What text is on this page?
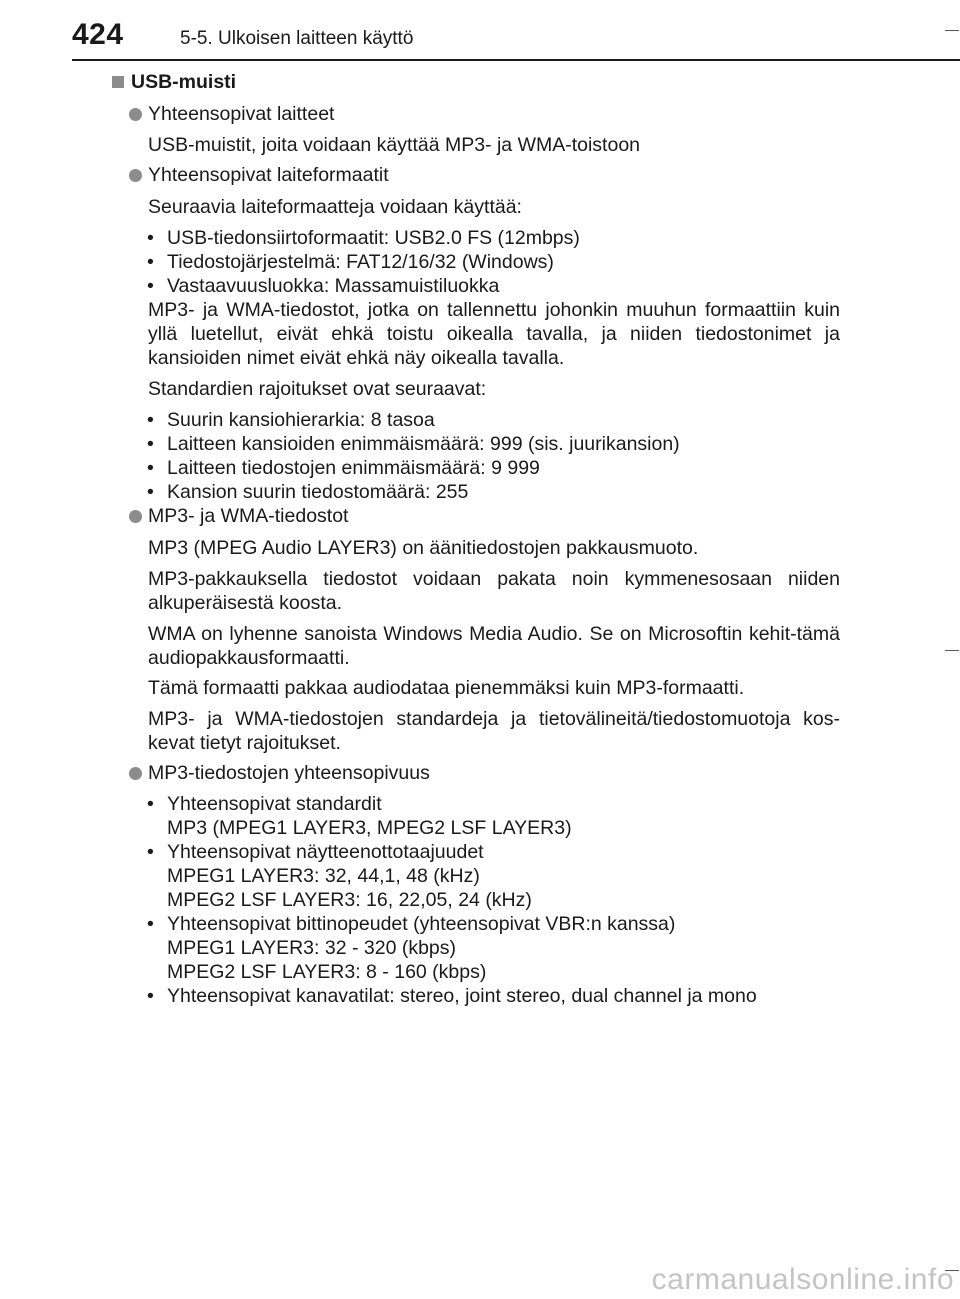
424	5-5. Ulkoisen laitteen käyttö
USB-muisti
Yhteensopivat laitteet
USB-muistit, joita voidaan käyttää MP3- ja WMA-toistoon
Yhteensopivat laiteformaatit
Seuraavia laiteformaatteja voidaan käyttää:
• USB-tiedonsiirtoformaatit: USB2.0 FS (12mbps)
• Tiedostojärjestelmä: FAT12/16/32 (Windows)
• Vastaavuusluokka: Massamuistiluokka
MP3- ja WMA-tiedostot, jotka on tallennettu johonkin muuhun formaattiin kuin yllä luetellut, eivät ehkä toistu oikealla tavalla, ja niiden tiedostonimet ja kansioiden nimet eivät ehkä näy oikealla tavalla.
Standardien rajoitukset ovat seuraavat:
• Suurin kansiohierarkia: 8 tasoa
• Laitteen kansioiden enimmäismäärä: 999 (sis. juurikansion)
• Laitteen tiedostojen enimmäismäärä: 9 999
• Kansion suurin tiedostomäärä: 255
MP3- ja WMA-tiedostot
MP3 (MPEG Audio LAYER3) on äänitiedostojen pakkausmuoto.
MP3-pakkauksella tiedostot voidaan pakata noin kymmenesosaan niiden alkuperäisestä koosta.
WMA on lyhenne sanoista Windows Media Audio. Se on Microsoftin kehit-tämä audiopakkausformaatti.
Tämä formaatti pakkaa audiodataa pienemmäksi kuin MP3-formaatti.
MP3- ja WMA-tiedostojen standardeja ja tietovälineitä/tiedostomuotoja kos-kevat tietyt rajoitukset.
MP3-tiedostojen yhteensopivuus
• Yhteensopivat standardit
MP3 (MPEG1 LAYER3, MPEG2 LSF LAYER3)
• Yhteensopivat näytteenottotaajuudet
MPEG1 LAYER3: 32, 44,1, 48 (kHz)
MPEG2 LSF LAYER3: 16, 22,05, 24 (kHz)
• Yhteensopivat bittinopeudet (yhteensopivat VBR:n kanssa)
MPEG1 LAYER3: 32 - 320 (kbps)
MPEG2 LSF LAYER3: 8 - 160 (kbps)
• Yhteensopivat kanavatilat: stereo, joint stereo, dual channel ja mono
carmanualsonline.info
